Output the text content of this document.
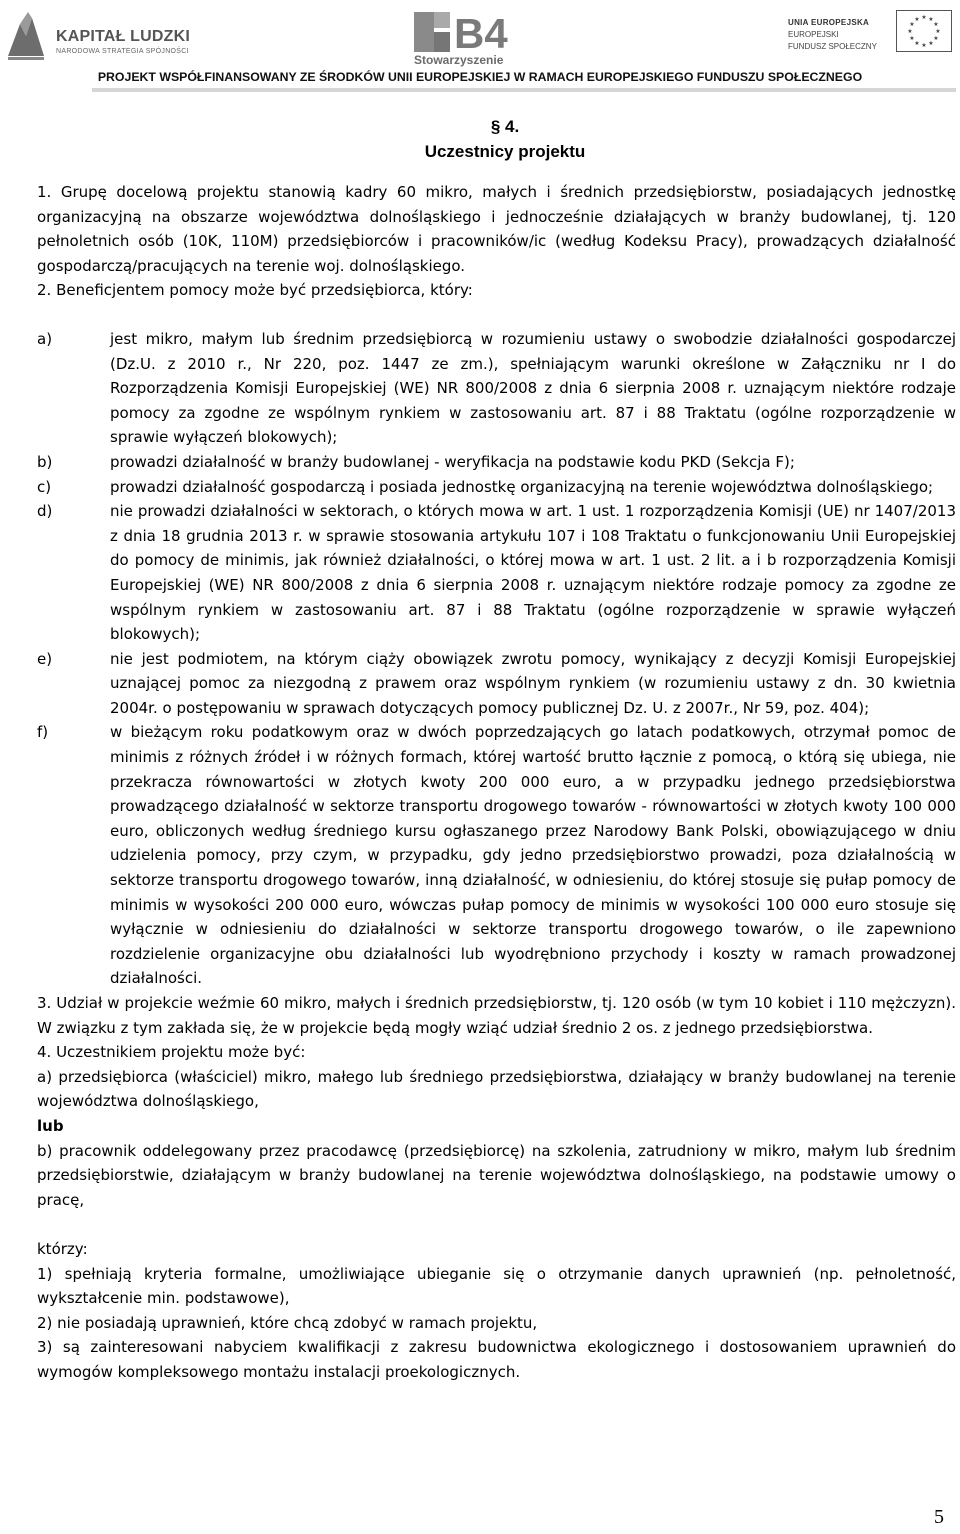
KAPITAŁ LUDZKI
NARODOWA STRATEGIA SPÓJNOŚCI	B4
Stowarzyszenie
UNIA EUROPEJSKA
EUROPEJSKI
FUNDUSZ SPOŁECZNY
★ ★
★
★
★
★
★
★
★
★
★
★
PROJEKT WSPÓŁFINANSOWANY ZE ŚRODKÓW UNII EUROPEJSKIEJ W RAMACH EUROPEJSKIEGO FUNDUSZU SPOŁECZNEGO
§ 4.
Uczestnicy projektu
1. Grupę docelową projektu stanowią kadry 60 mikro, małych i średnich przedsiębiorstw, posiadających jednostkę organizacyjną na obszarze województwa dolnośląskiego i jednocześnie działających w branży budowlanej, tj. 120 pełnoletnich osób (10K, 110M) przedsiębiorców i pracowników/ic (według Kodeksu Pracy), prowadzących działalność gospodarczą/pracujących na terenie woj. dolnośląskiego.
2. Beneficjentem pomocy może być przedsiębiorca, który:
a)	jest mikro, małym lub średnim przedsiębiorcą w rozumieniu ustawy o swobodzie działalności gospodarczej (Dz.U. z 2010 r., Nr 220, poz. 1447 ze zm.), spełniającym warunki określone w Załączniku nr I do Rozporządzenia Komisji Europejskiej (WE) NR 800/2008 z dnia 6 sierpnia 2008 r. uznającym niektóre rodzaje pomocy za zgodne ze wspólnym rynkiem w zastosowaniu art. 87 i 88 Traktatu (ogólne rozporządzenie w sprawie wyłączeń blokowych);
b)	prowadzi działalność w branży budowlanej - weryfikacja na podstawie kodu PKD (Sekcja F);
c)	prowadzi działalność gospodarczą i posiada jednostkę organizacyjną na terenie województwa dolnośląskiego;
d)	nie prowadzi działalności w sektorach, o których mowa w art. 1 ust. 1 rozporządzenia Komisji (UE) nr 1407/2013 z dnia 18 grudnia 2013 r. w sprawie stosowania artykułu 107 i 108 Traktatu o funkcjonowaniu Unii Europejskiej do pomocy de minimis, jak również działalności, o której mowa w art. 1 ust. 2 lit. a i b rozporządzenia Komisji Europejskiej (WE) NR 800/2008 z dnia 6 sierpnia 2008 r. uznającym niektóre rodzaje pomocy za zgodne ze wspólnym rynkiem w zastosowaniu art. 87 i 88 Traktatu (ogólne rozporządzenie w sprawie wyłączeń blokowych);
e)	nie jest podmiotem, na którym ciąży obowiązek zwrotu pomocy, wynikający z decyzji Komisji Europejskiej uznającej pomoc za niezgodną z prawem oraz wspólnym rynkiem (w rozumieniu ustawy z dn. 30 kwietnia 2004r. o postępowaniu w sprawach dotyczących pomocy publicznej Dz. U. z 2007r., Nr 59, poz. 404);
f)	w bieżącym roku podatkowym oraz w dwóch poprzedzających go latach podatkowych, otrzymał pomoc de minimis z różnych źródeł i w różnych formach, której wartość brutto łącznie z pomocą, o którą się ubiega, nie przekracza równowartości w złotych kwoty 200 000 euro, a w przypadku jednego przedsiębiorstwa prowadzącego działalność w sektorze transportu drogowego towarów - równowartości w złotych kwoty 100 000 euro, obliczonych według średniego kursu ogłaszanego przez Narodowy Bank Polski, obowiązującego w dniu udzielenia pomocy, przy czym, w przypadku, gdy jedno przedsiębiorstwo prowadzi, poza działalnością w sektorze transportu drogowego towarów, inną działalność, w odniesieniu, do której stosuje się pułap pomocy de minimis w wysokości 200 000 euro, wówczas pułap pomocy de minimis w wysokości 100 000 euro stosuje się wyłącznie w odniesieniu do działalności w sektorze transportu drogowego towarów, o ile zapewniono rozdzielenie organizacyjne obu działalności lub wyodrębniono przychody i koszty w ramach prowadzonej działalności.
3. Udział w projekcie weźmie 60 mikro, małych i średnich przedsiębiorstw, tj. 120 osób (w tym 10 kobiet i 110 mężczyzn). W związku z tym zakłada się, że w projekcie będą mogły wziąć udział średnio 2 os. z jednego przedsiębiorstwa.
4. Uczestnikiem projektu może być:
a) przedsiębiorca (właściciel) mikro, małego lub średniego przedsiębiorstwa, działający w branży budowlanej na terenie województwa dolnośląskiego,
lub
b) pracownik oddelegowany przez pracodawcę (przedsiębiorcę) na szkolenia, zatrudniony w mikro, małym lub średnim przedsiębiorstwie, działającym w branży budowlanej na terenie województwa dolnośląskiego, na podstawie umowy o pracę,
którzy:
1) spełniają kryteria formalne, umożliwiające ubieganie się o otrzymanie danych uprawnień (np. pełnoletność, wykształcenie min. podstawowe),
2) nie posiadają uprawnień, które chcą zdobyć w ramach projektu,
3) są zainteresowani nabyciem kwalifikacji z zakresu budownictwa ekologicznego i dostosowaniem uprawnień do wymogów kompleksowego montażu instalacji proekologicznych.
5
